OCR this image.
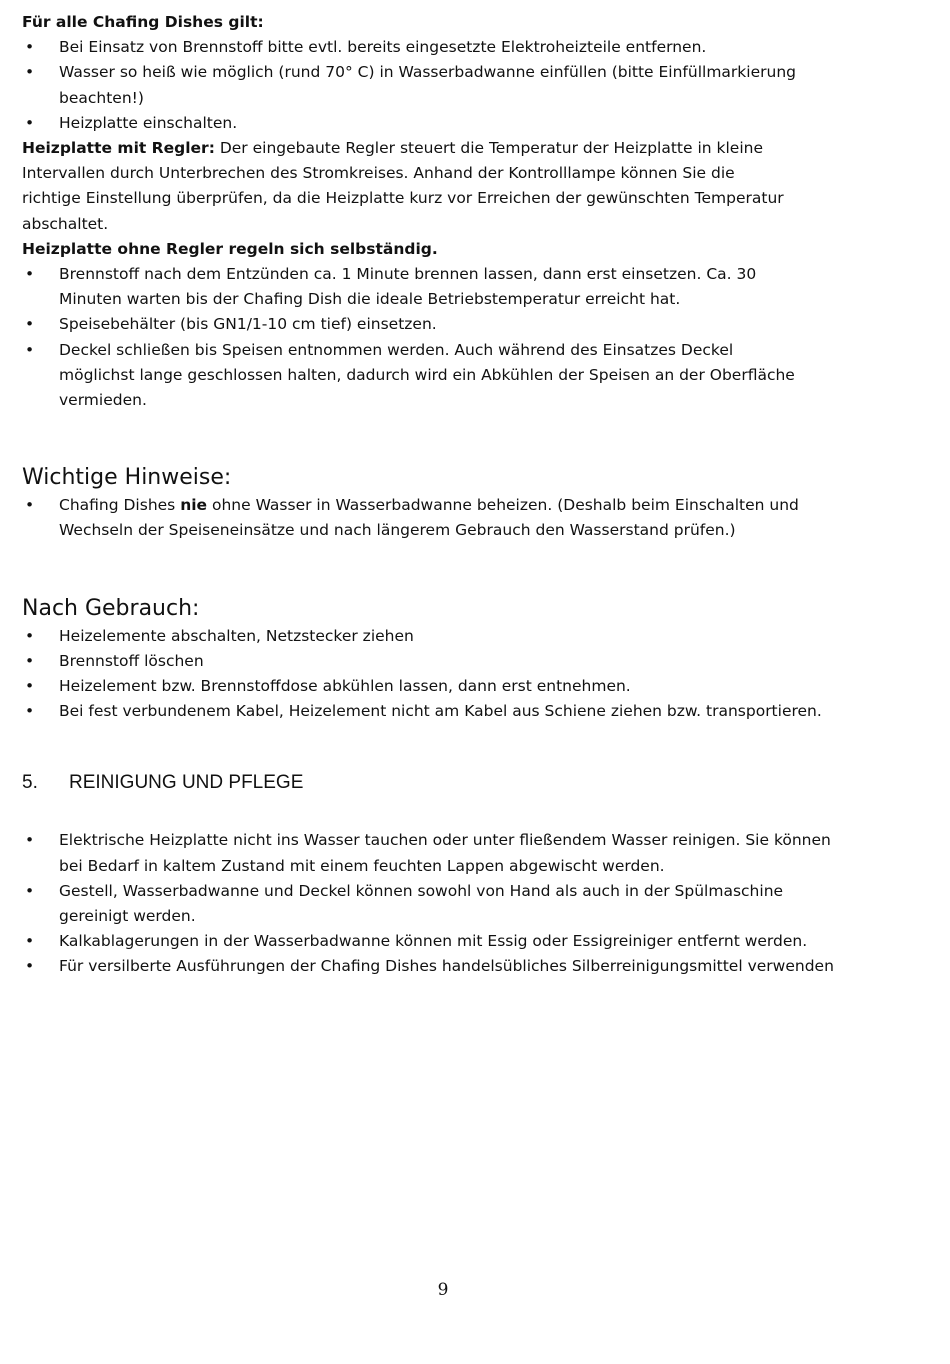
Für alle Chafing Dishes gilt:
• Bei Einsatz von Brennstoff bitte evtl. bereits eingesetzte Elektroheizteile entfernen.
• Wasser so heiß wie möglich (rund 70° C) in Wasserbadwanne einfüllen (bitte Einfüllmarkierung
beachten!)
• Heizplatte einschalten.
Heizplatte mit Regler: Der eingebaute Regler steuert die Temperatur der Heizplatte in kleine
Intervallen durch Unterbrechen des Stromkreises. Anhand der Kontrolllampe können Sie die
richtige Einstellung überprüfen, da die Heizplatte kurz vor Erreichen der gewünschten Temperatur
abschaltet.
Heizplatte ohne Regler regeln sich selbständig.
• Brennstoff nach dem Entzünden ca. 1 Minute brennen lassen, dann erst einsetzen. Ca. 30
Minuten warten bis der Chafing Dish die ideale Betriebstemperatur erreicht hat.
• Speisebehälter (bis GN1/1-10 cm tief) einsetzen.
• Deckel schließen bis Speisen entnommen werden. Auch während des Einsatzes Deckel
möglichst lange geschlossen halten, dadurch wird ein Abkühlen der Speisen an der Oberfläche
vermieden.
Wichtige Hinweise:
• Chafing Dishes nie ohne Wasser in Wasserbadwanne beheizen. (Deshalb beim Einschalten und
Wechseln der Speiseneinsätze und nach längerem Gebrauch den Wasserstand prüfen.)
Nach Gebrauch:
• Heizelemente abschalten, Netzstecker ziehen
• Brennstoff löschen
• Heizelement bzw. Brennstoffdose abkühlen lassen, dann erst entnehmen.
• Bei fest verbundenem Kabel, Heizelement nicht am Kabel aus Schiene ziehen bzw. transportieren.
5. REINIGUNG UND PFLEGE
• Elektrische Heizplatte nicht ins Wasser tauchen oder unter fließendem Wasser reinigen. Sie können
bei Bedarf in kaltem Zustand mit einem feuchten Lappen abgewischt werden.
• Gestell, Wasserbadwanne und Deckel können sowohl von Hand als auch in der Spülmaschine
gereinigt werden.
• Kalkablagerungen in der Wasserbadwanne können mit Essig oder Essigreiniger entfernt werden.
• Für versilberte Ausführungen der Chafing Dishes handelsübliches Silberreinigungsmittel verwenden
9
